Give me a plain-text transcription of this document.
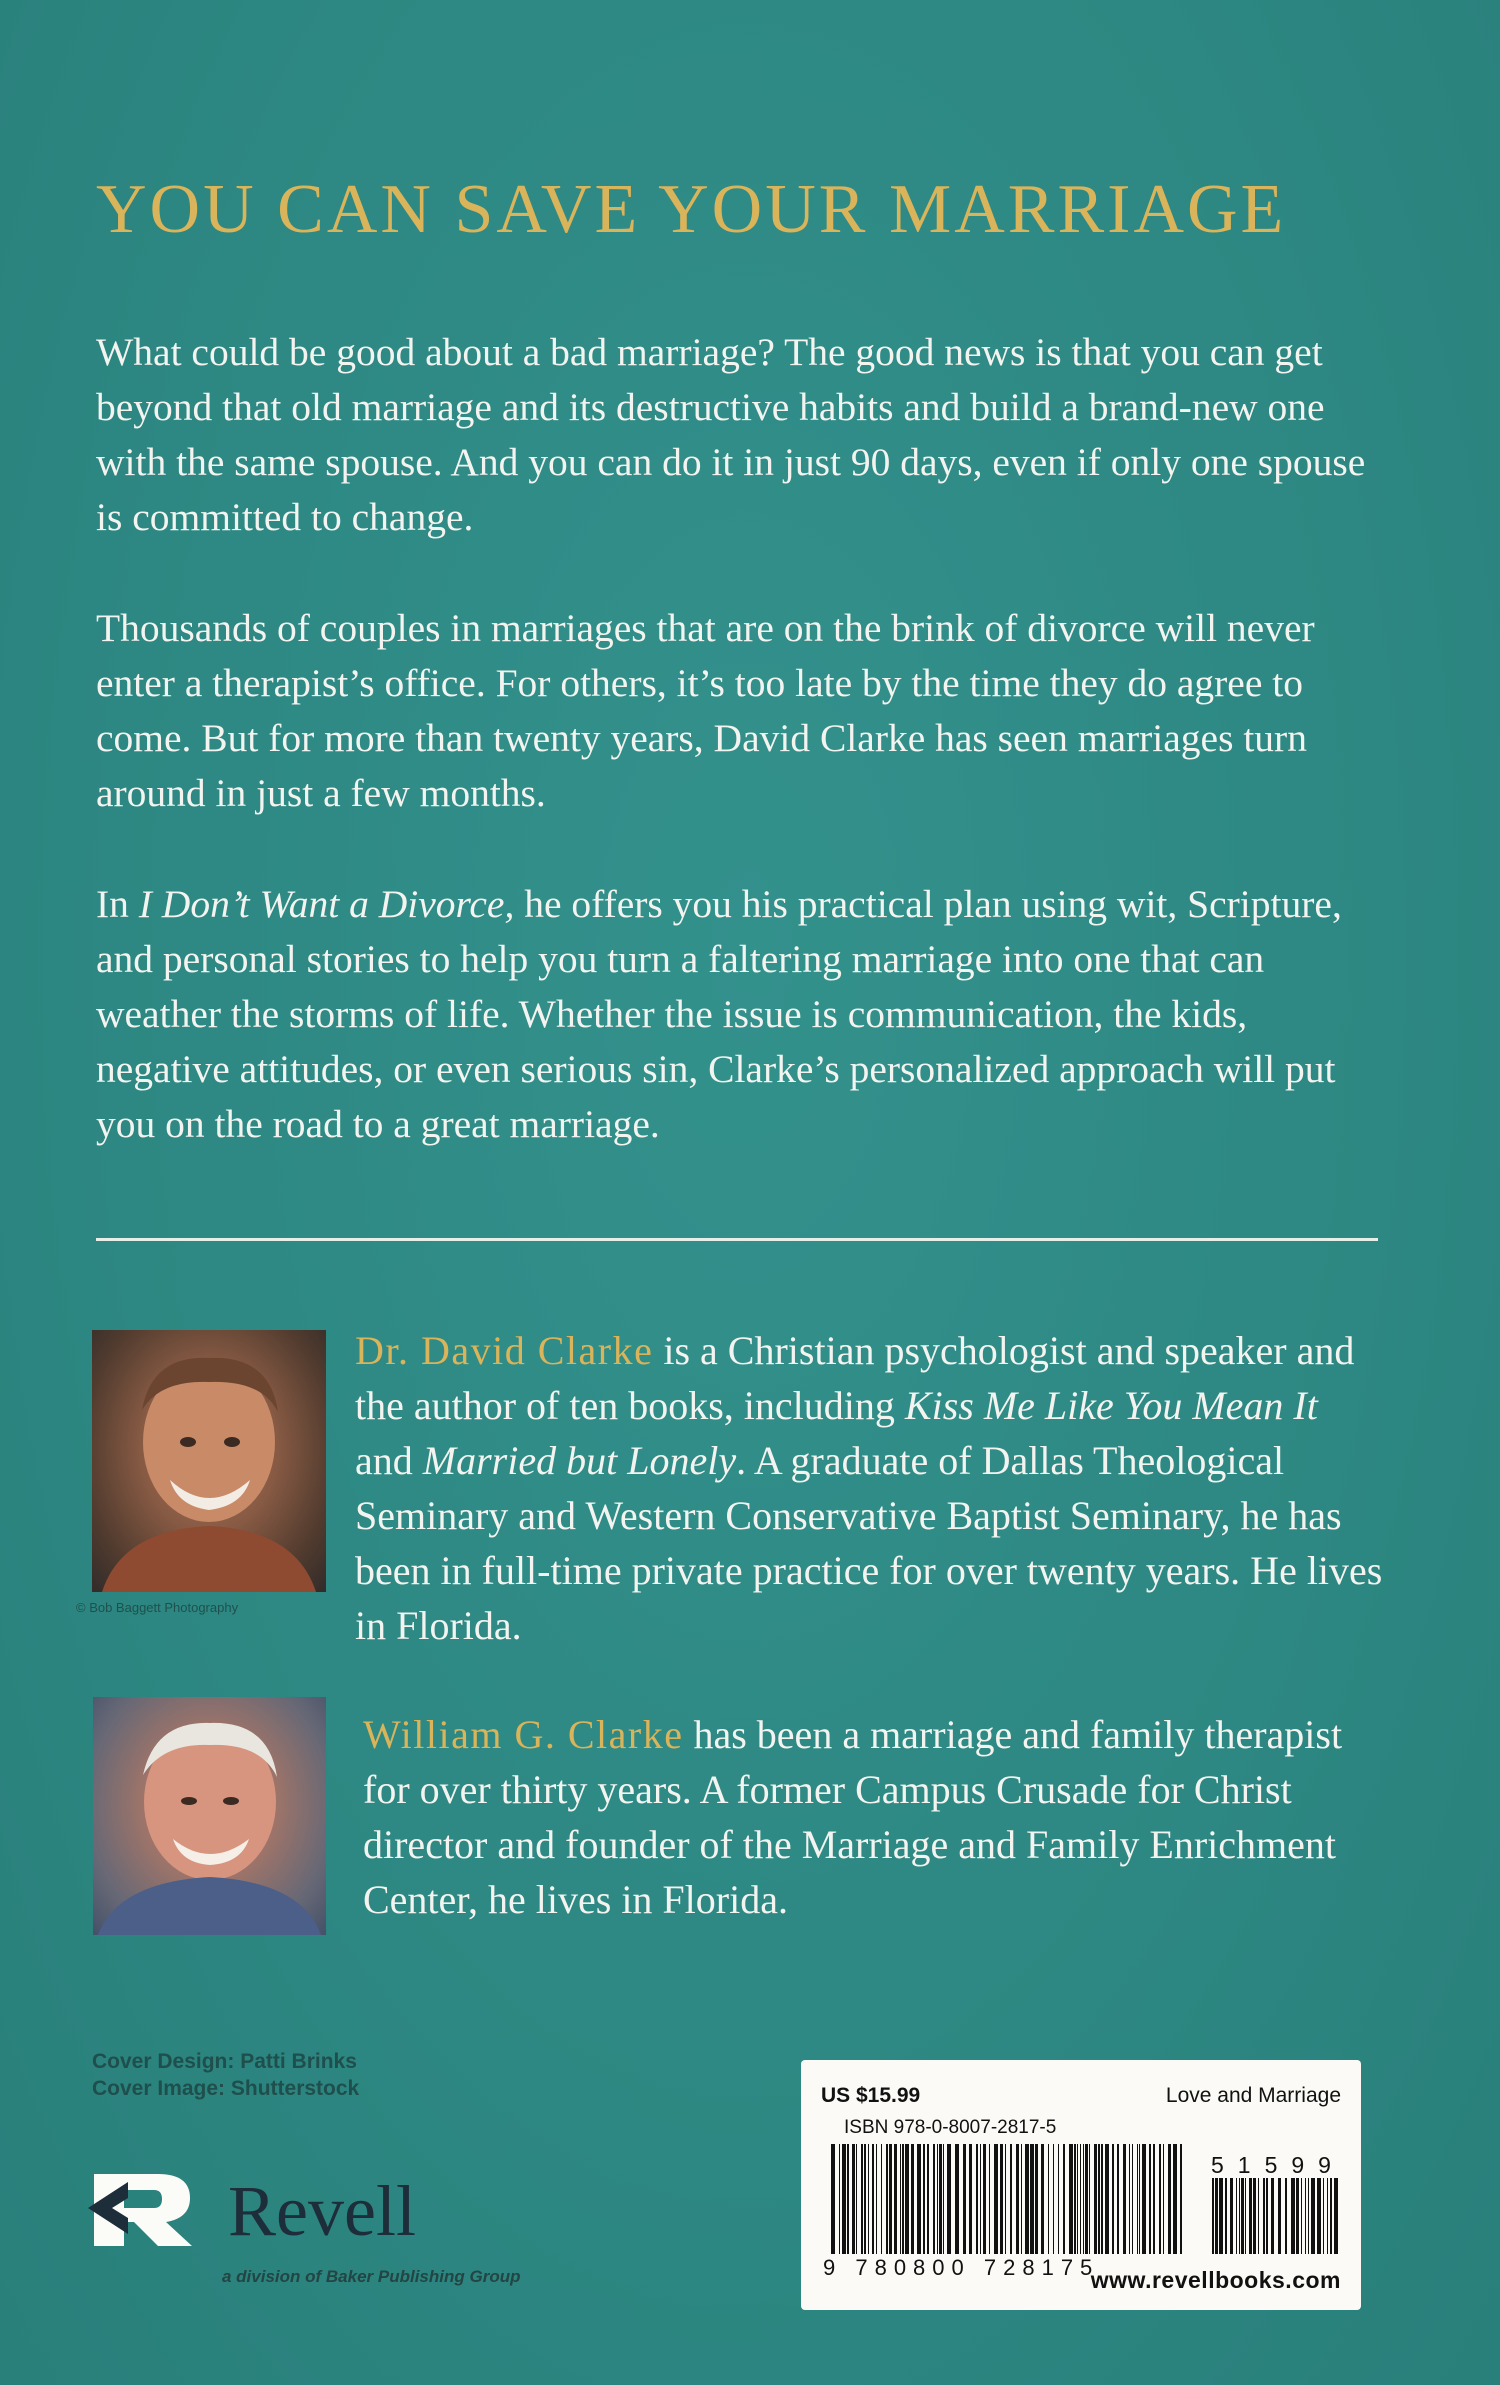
YOU CAN SAVE YOUR MARRIAGE

What could be good about a bad marriage? The good news is that you can get beyond that old marriage and its destructive habits and build a brand-new one with the same spouse. And you can do it in just 90 days, even if only one spouse is committed to change.

Thousands of couples in marriages that are on the brink of divorce will never enter a therapist’s office. For others, it’s too late by the time they do agree to come. But for more than twenty years, David Clarke has seen marriages turn around in just a few months.

In I Don’t Want a Divorce, he offers you his practical plan using wit, Scripture, and personal stories to help you turn a faltering marriage into one that can weather the storms of life. Whether the issue is communication, the kids, negative attitudes, or even serious sin, Clarke’s personalized approach will put you on the road to a great marriage.

© Bob Baggett Photography

Dr. David Clarke is a Christian psychologist and speaker and the author of ten books, including Kiss Me Like You Mean It and Married but Lonely. A graduate of Dallas Theological Seminary and Western Conservative Baptist Seminary, he has been in full-time private practice for over twenty years. He lives in Florida.

William G. Clarke has been a marriage and family therapist for over thirty years. A former Campus Crusade for Christ director and founder of the Marriage and Family Enrichment Center, he lives in Florida.

Cover Design: Patti Brinks
Cover Image: Shutterstock
Revell
a division of Baker Publishing Group
US $15.99	Love and Marriage
ISBN 978-0-8007-2817-5
51599
9 780800 728175
www.revellbooks.com
